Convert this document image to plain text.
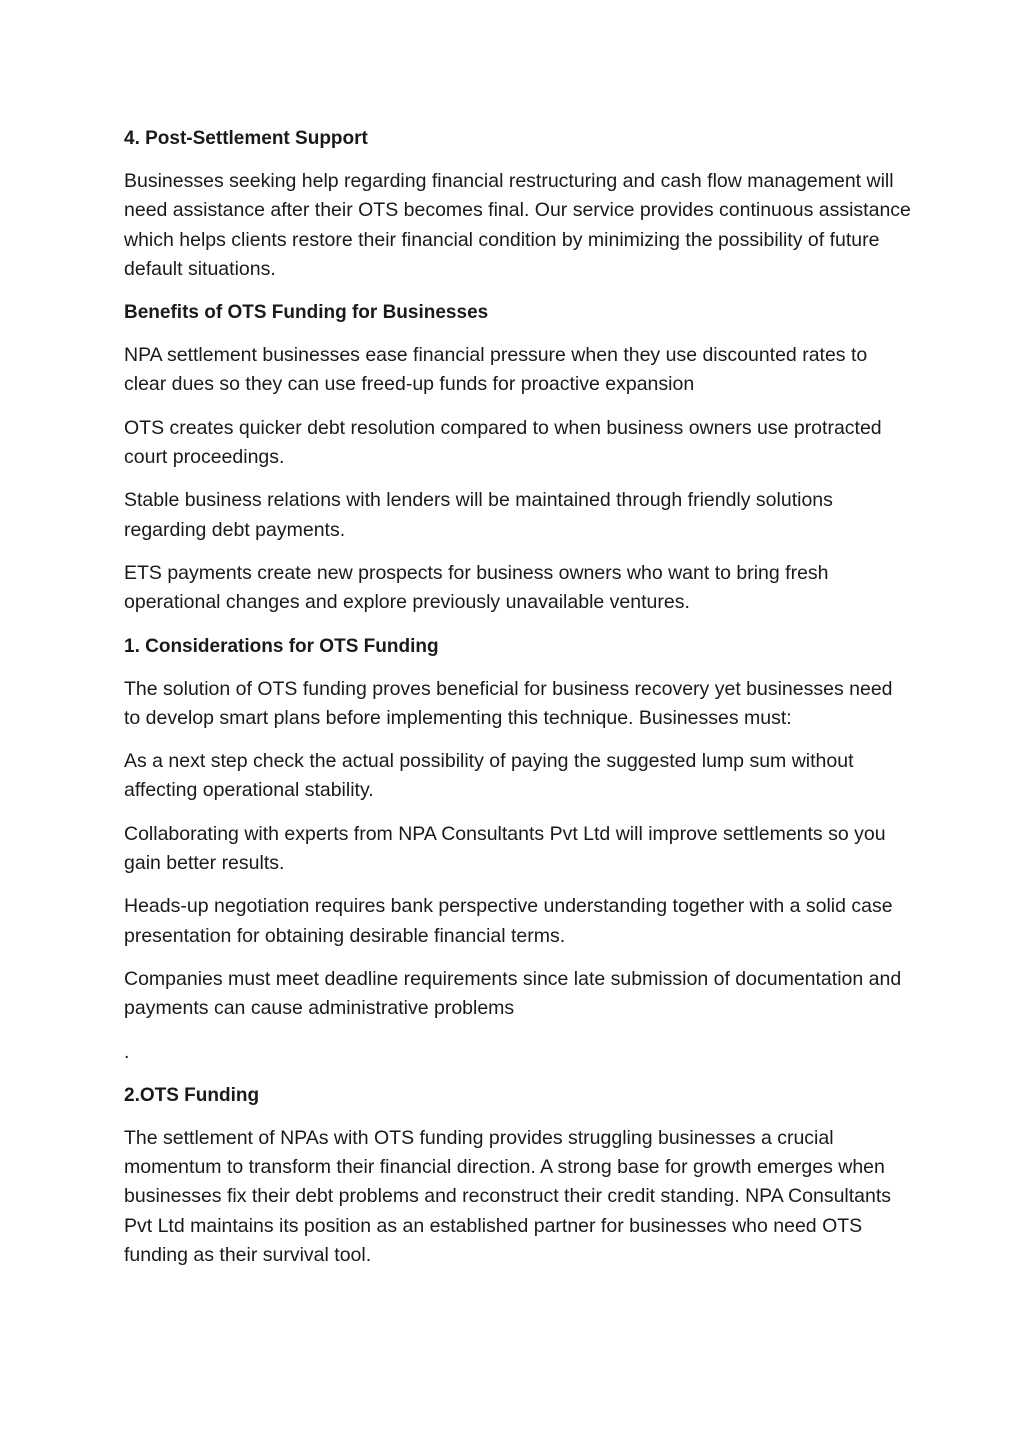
4. Post-Settlement Support

Businesses seeking help regarding financial restructuring and cash flow management will need assistance after their OTS becomes final. Our service provides continuous assistance which helps clients restore their financial condition by minimizing the possibility of future default situations.

Benefits of OTS Funding for Businesses

NPA settlement businesses ease financial pressure when they use discounted rates to clear dues so they can use freed-up funds for proactive expansion

OTS creates quicker debt resolution compared to when business owners use protracted court proceedings.

Stable business relations with lenders will be maintained through friendly solutions regarding debt payments.

ETS payments create new prospects for business owners who want to bring fresh operational changes and explore previously unavailable ventures.

1. Considerations for OTS Funding

The solution of OTS funding proves beneficial for business recovery yet businesses need to develop smart plans before implementing this technique. Businesses must:

As a next step check the actual possibility of paying the suggested lump sum without affecting operational stability.

Collaborating with experts from NPA Consultants Pvt Ltd will improve settlements so you gain better results.

Heads-up negotiation requires bank perspective understanding together with a solid case presentation for obtaining desirable financial terms.

Companies must meet deadline requirements since late submission of documentation and payments can cause administrative problems

.

2.OTS Funding

The settlement of NPAs with OTS funding provides struggling businesses a crucial momentum to transform their financial direction. A strong base for growth emerges when businesses fix their debt problems and reconstruct their credit standing. NPA Consultants Pvt Ltd maintains its position as an established partner for businesses who need OTS funding as their survival tool.
